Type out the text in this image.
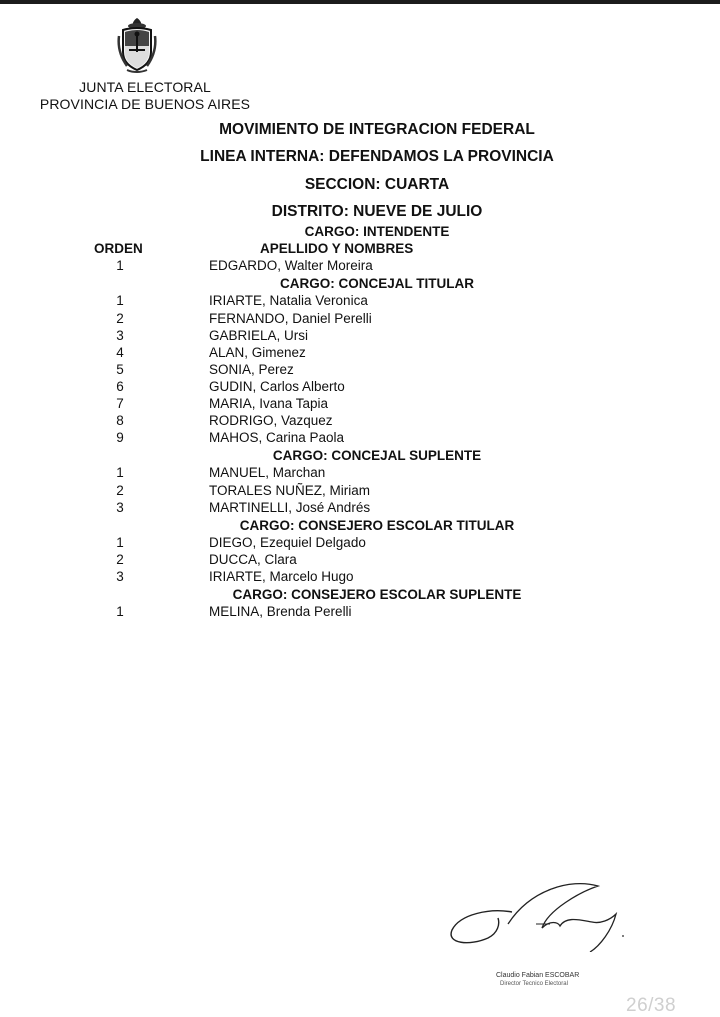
JUNTA ELECTORAL
PROVINCIA DE BUENOS AIRES
MOVIMIENTO DE INTEGRACION FEDERAL
LINEA INTERNA: DEFENDAMOS LA PROVINCIA
SECCION: CUARTA
DISTRITO: NUEVE DE JULIO
CARGO: INTENDENTE
ORDEN	APELLIDO Y NOMBRES
1	EDGARDO, Walter Moreira
CARGO: CONCEJAL TITULAR
1	IRIARTE, Natalia Veronica
2	FERNANDO, Daniel Perelli
3	GABRIELA, Ursi
4	ALAN, Gimenez
5	SONIA, Perez
6	GUDIN, Carlos Alberto
7	MARIA, Ivana Tapia
8	RODRIGO, Vazquez
9	MAHOS, Carina Paola
CARGO: CONCEJAL SUPLENTE
1	MANUEL, Marchan
2	TORALES NUÑEZ, Miriam
3	MARTINELLI, José Andrés
CARGO: CONSEJERO ESCOLAR TITULAR
1	DIEGO, Ezequiel Delgado
2	DUCCA, Clara
3	IRIARTE, Marcelo Hugo
CARGO: CONSEJERO ESCOLAR SUPLENTE
1	MELINA, Brenda Perelli
Claudio Fabian ESCOBAR
Director Tecnico Electoral
26/38
